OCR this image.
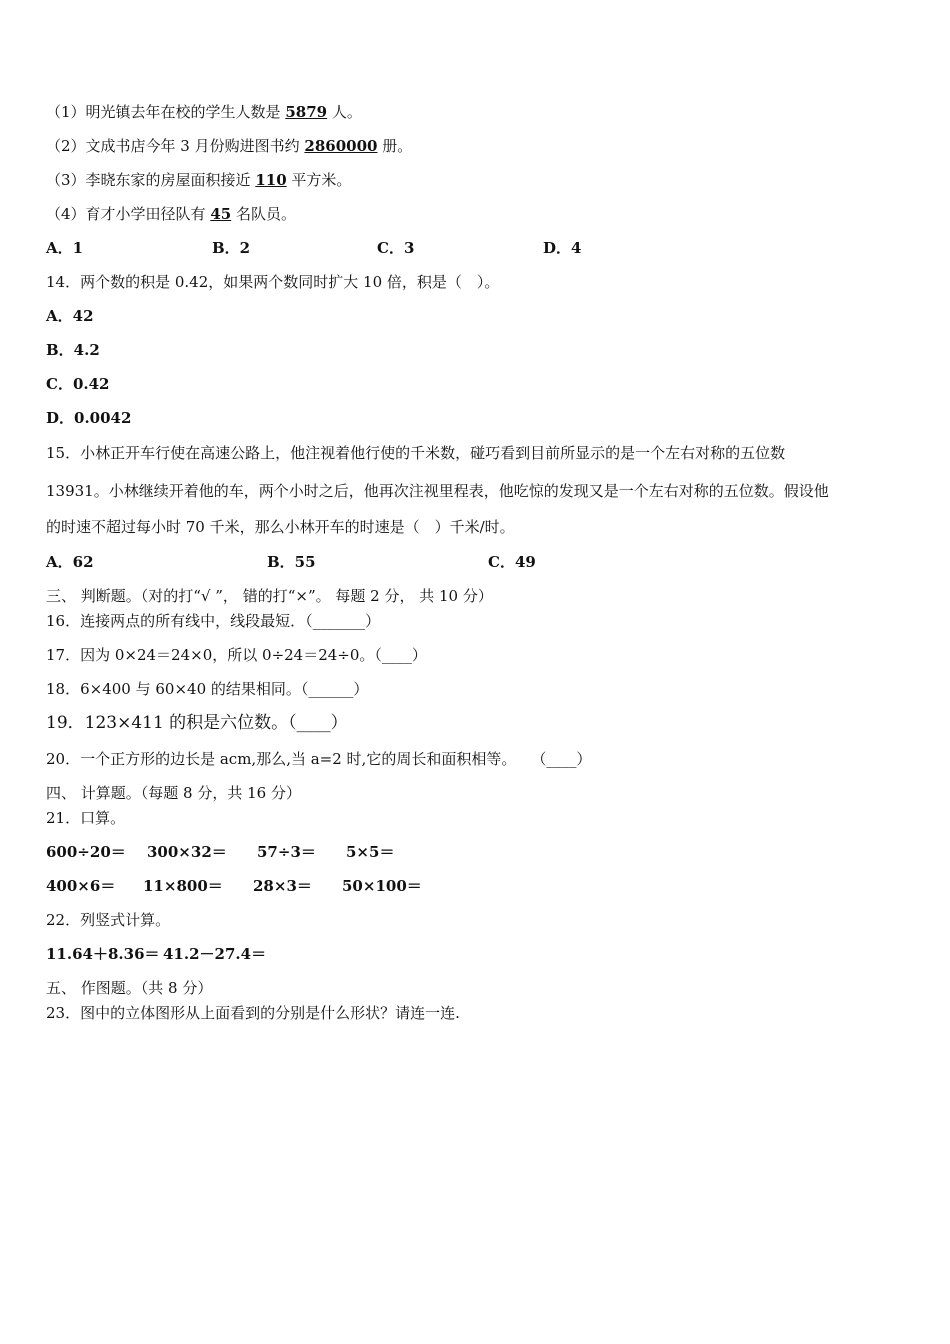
（1）明光镇去年在校的学生人数是 5879 人。
（2）文成书店今年 3 月份购进图书约 2860000 册。
（3）李晓东家的房屋面积接近 110 平方米。
（4）育才小学田径队有 45 名队员。
A．1	B．2	C．3	D．4
14．两个数的积是 0.42，如果两个数同时扩大 10 倍，积是（　）。
A．42
B．4.2
C．0.42
D．0.0042
15．小林正开车行使在高速公路上，他注视着他行使的千米数，碰巧看到目前所显示的是一个左右对称的五位数
13931。小林继续开着他的车，两个小时之后，他再次注视里程表，他吃惊的发现又是一个左右对称的五位数。假设他
的时速不超过每小时 70 千米，那么小林开车的时速是（　）千米/时。
A．62	B．55	C．49
三、 判断题。（对的打“√ ”， 错的打“×”。 每题 2 分， 共 10 分）
16．连接两点的所有线中，线段最短．（_______）
17．因为 0×24＝24×0，所以 0÷24＝24÷0。（____）
18．6×400 与 60×40 的结果相同。（______）
19．123×411 的积是六位数。（____）
20．一个正方形的边长是 acm,那么,当 a=2 时,它的周长和面积相等。　　（____）
四、 计算题。（每题 8 分，共 16 分）
21．口算。
600÷20＝ 300×32＝ 57÷3＝ 5×5＝
400×6＝ 11×800＝ 28×3＝ 50×100＝
22．列竖式计算。
11.64＋8.36＝ 41.2－27.4＝
五、 作图题。（共 8 分）
23．图中的立体图形从上面看到的分别是什么形状？请连一连.
